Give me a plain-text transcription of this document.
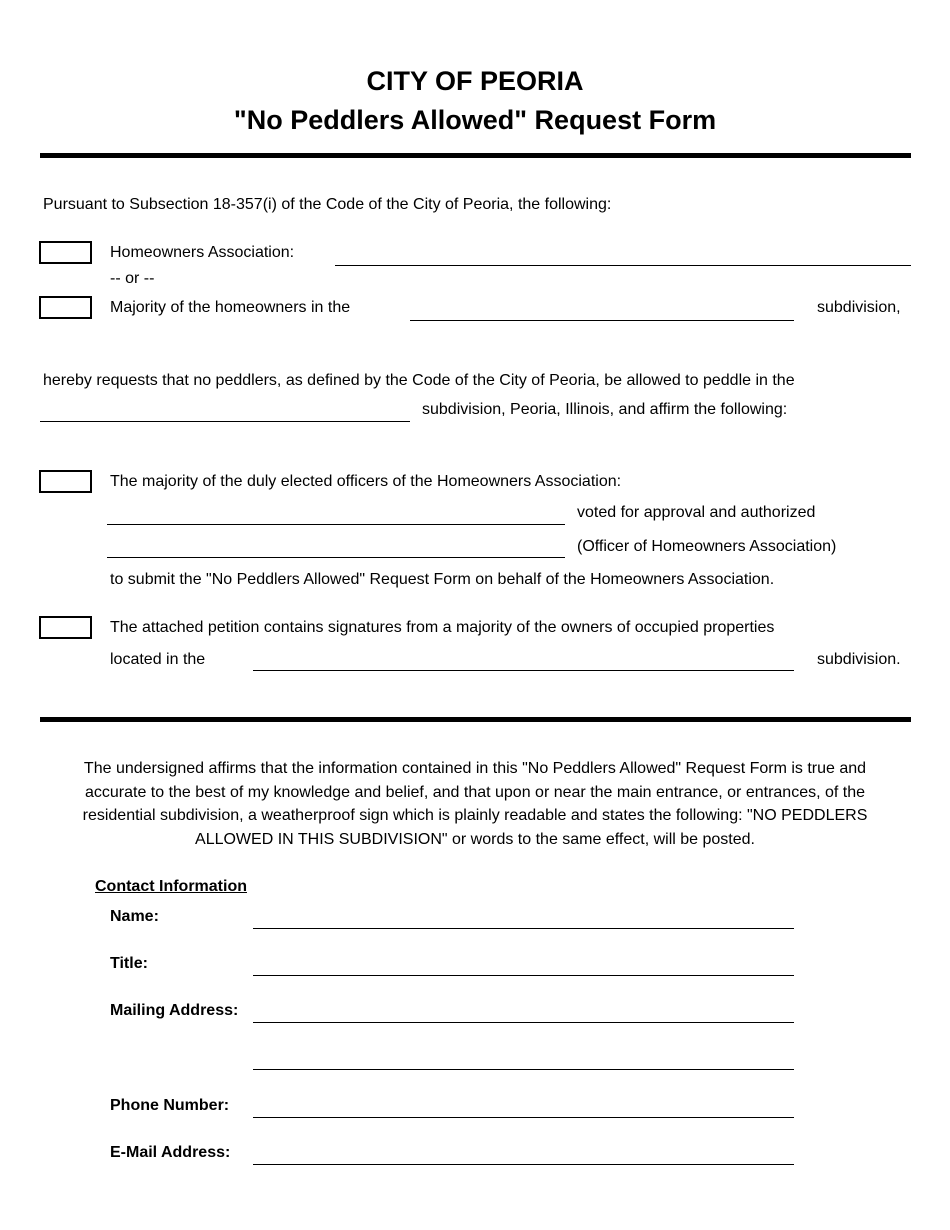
CITY OF PEORIA
"No Peddlers Allowed" Request Form
Pursuant to Subsection 18-357(i) of the Code of the City of Peoria, the following:
Homeowners Association:
-- or --
Majority of the homeowners in the	subdivision,
hereby requests that no peddlers, as defined by the Code of the City of Peoria, be allowed to peddle in the
subdivision, Peoria, Illinois, and affirm the following:
The majority of the duly elected officers of the Homeowners Association:
voted for approval and authorized
(Officer of Homeowners Association)
to submit the "No Peddlers Allowed" Request Form on behalf of the Homeowners Association.
The attached petition contains signatures from a majority of the owners of occupied properties
located in the	subdivision.
The undersigned affirms that the information contained in this "No Peddlers Allowed" Request Form is true and accurate to the best of my knowledge and belief, and that upon or near the main entrance, or entrances, of the residential subdivision, a weatherproof sign which is plainly readable and states the following: "NO PEDDLERS ALLOWED IN THIS SUBDIVISION" or words to the same effect, will be posted.
Contact Information
Name:
Title:
Mailing Address:
Phone Number:
E-Mail Address:
